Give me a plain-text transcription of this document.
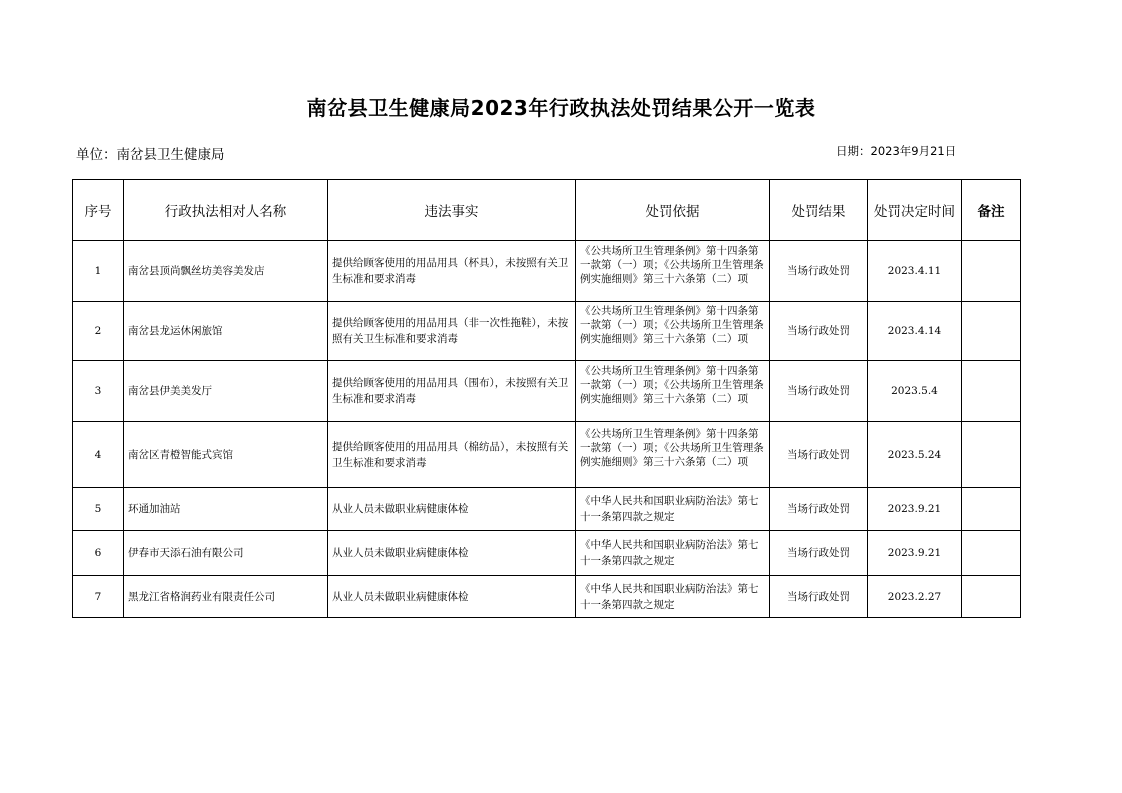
南岔县卫生健康局2023年行政执法处罚结果公开一览表
单位：南岔县卫生健康局	日期：2023年9月21日
序号	行政执法相对人名称	违法事实	处罚依据	处罚结果	处罚决定时间	备注
1	南岔县顶尚飘丝坊美容美发店	提供给顾客使用的用品用具（杯具），未按照有关卫生标准和要求消毒	《公共场所卫生管理条例》第十四条第一款第（一）项；《公共场所卫生管理条例实施细则》第三十六条第（二）项	当场行政处罚	2023.4.11	
2	南岔县龙运休闲旅馆	提供给顾客使用的用品用具（非一次性拖鞋），未按照有关卫生标准和要求消毒	《公共场所卫生管理条例》第十四条第一款第（一）项；《公共场所卫生管理条例实施细则》第三十六条第（二）项	当场行政处罚	2023.4.14	
3	南岔县伊美美发厅	提供给顾客使用的用品用具（围布），未按照有关卫生标准和要求消毒	《公共场所卫生管理条例》第十四条第一款第（一）项；《公共场所卫生管理条例实施细则》第三十六条第（二）项	当场行政处罚	2023.5.4	
4	南岔区青橙智能式宾馆	提供给顾客使用的用品用具（棉纺品），未按照有关卫生标准和要求消毒	《公共场所卫生管理条例》第十四条第一款第（一）项；《公共场所卫生管理条例实施细则》第三十六条第（二）项	当场行政处罚	2023.5.24	
5	环通加油站	从业人员未做职业病健康体检	《中华人民共和国职业病防治法》第七十一条第四款之规定	当场行政处罚	2023.9.21	
6	伊春市天添石油有限公司	从业人员未做职业病健康体检	《中华人民共和国职业病防治法》第七十一条第四款之规定	当场行政处罚	2023.9.21	
7	黑龙江省格润药业有限责任公司	从业人员未做职业病健康体检	《中华人民共和国职业病防治法》第七十一条第四款之规定	当场行政处罚	2023.2.27	
